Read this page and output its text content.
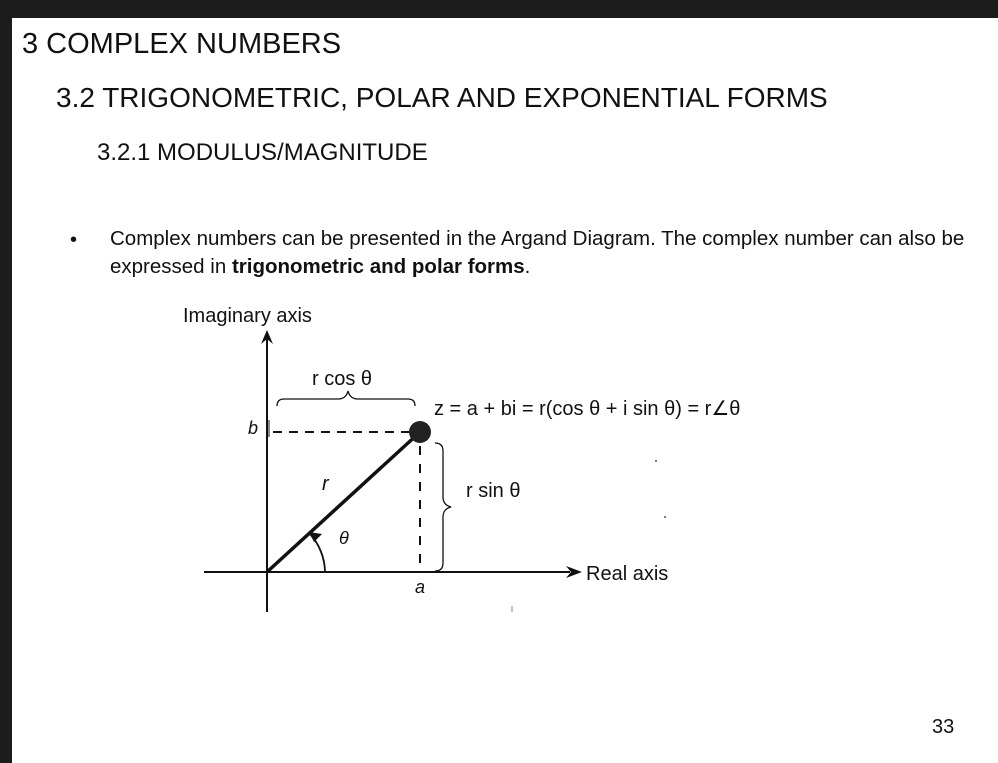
3 COMPLEX NUMBERS
3.2 TRIGONOMETRIC, POLAR AND EXPONENTIAL FORMS
3.2.1 MODULUS/MAGNITUDE
• Complex numbers can be presented in the Argand Diagram. The complex number can also be expressed in trigonometric and polar forms.
Imaginary axis
Real axis
b
a
r
θ
r cos θ
r sin θ
z = a + bi = r(cos θ + i sin θ) = r∠θ
33
